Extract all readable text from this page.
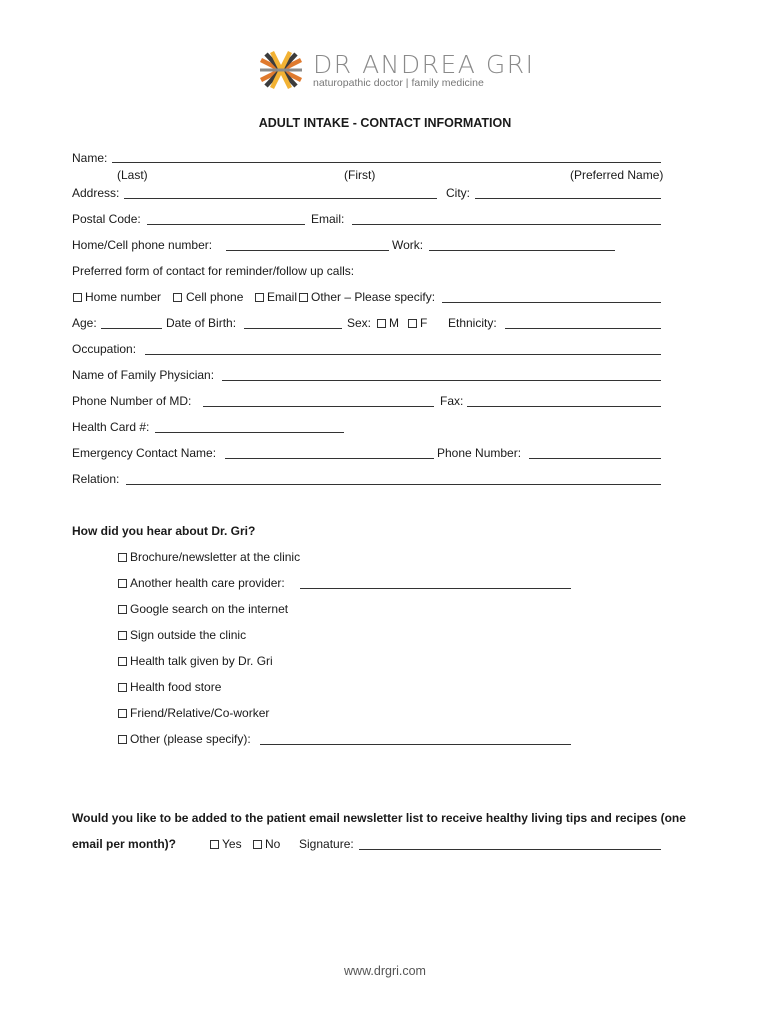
DR ANDREA GRI
naturopathic doctor | family medicine
ADULT INTAKE - CONTACT INFORMATION
Name:
(Last)	(First)	(Preferred Name)
Address:	City:
Postal Code:	Email:
Home/Cell phone number:	Work:
Preferred form of contact for reminder/follow up calls:
Home number Cell phone Email Other – Please specify:
Age:	Date of Birth:	Sex: M F Ethnicity:
Occupation:
Name of Family Physician:
Phone Number of MD:	Fax:
Health Card #:
Emergency Contact Name:	Phone Number:
Relation:
How did you hear about Dr. Gri?
Brochure/newsletter at the clinic
Another health care provider:
Google search on the internet
Sign outside the clinic
Health talk given by Dr. Gri
Health food store
Friend/Relative/Co-worker
Other (please specify):
Would you like to be added to the patient email newsletter list to receive healthy living tips and recipes (one
email per month)?	Yes No Signature:
www.drgri.com
